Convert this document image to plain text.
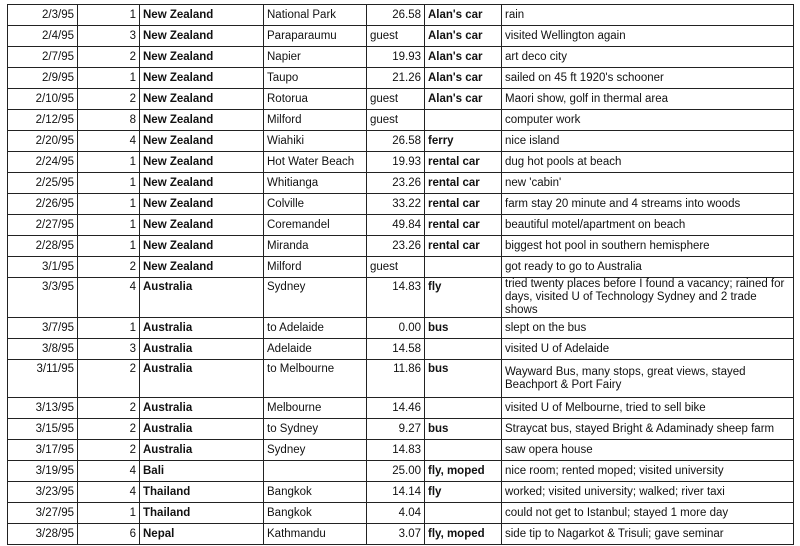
2/3/95	1	New Zealand	National Park	26.58	Alan's car	rain
2/4/95	3	New Zealand	Paraparaumu	guest	Alan's car	visited Wellington again
2/7/95	2	New Zealand	Napier	19.93	Alan's car	art deco city
2/9/95	1	New Zealand	Taupo	21.26	Alan's car	sailed on 45 ft 1920's schooner
2/10/95	2	New Zealand	Rotorua	guest	Alan's car	Maori show, golf in thermal area
2/12/95	8	New Zealand	Milford	guest		computer work
2/20/95	4	New Zealand	Wiahiki	26.58	ferry	nice island
2/24/95	1	New Zealand	Hot Water Beach	19.93	rental car	dug hot pools at beach
2/25/95	1	New Zealand	Whitianga	23.26	rental car	new 'cabin'
2/26/95	1	New Zealand	Colville	33.22	rental car	farm stay 20 minute and 4 streams into woods
2/27/95	1	New Zealand	Coremandel	49.84	rental car	beautiful motel/apartment on beach
2/28/95	1	New Zealand	Miranda	23.26	rental car	biggest hot pool in southern hemisphere
3/1/95	2	New Zealand	Milford	guest		got ready to go to Australia
3/3/95	4	Australia	Sydney	14.83	fly	tried twenty places before I found a vacancy; rained for days, visited U of Technology Sydney and 2 trade shows
3/7/95	1	Australia	to Adelaide	0.00	bus	slept on the bus
3/8/95	3	Australia	Adelaide	14.58		visited U of Adelaide
3/11/95	2	Australia	to Melbourne	11.86	bus	Wayward Bus, many stops, great views, stayed Beachport & Port Fairy
3/13/95	2	Australia	Melbourne	14.46		visited U of Melbourne, tried to sell bike
3/15/95	2	Australia	to Sydney	9.27	bus	Straycat bus, stayed Bright & Adaminady sheep farm
3/17/95	2	Australia	Sydney	14.83		saw opera house
3/19/95	4	Bali		25.00	fly, moped	nice room; rented moped; visited university
3/23/95	4	Thailand	Bangkok	14.14	fly	worked; visited university; walked; river taxi
3/27/95	1	Thailand	Bangkok	4.04		could not get to Istanbul; stayed 1 more day
3/28/95	6	Nepal	Kathmandu	3.07	fly, moped	side tip to Nagarkot & Trisuli; gave seminar
